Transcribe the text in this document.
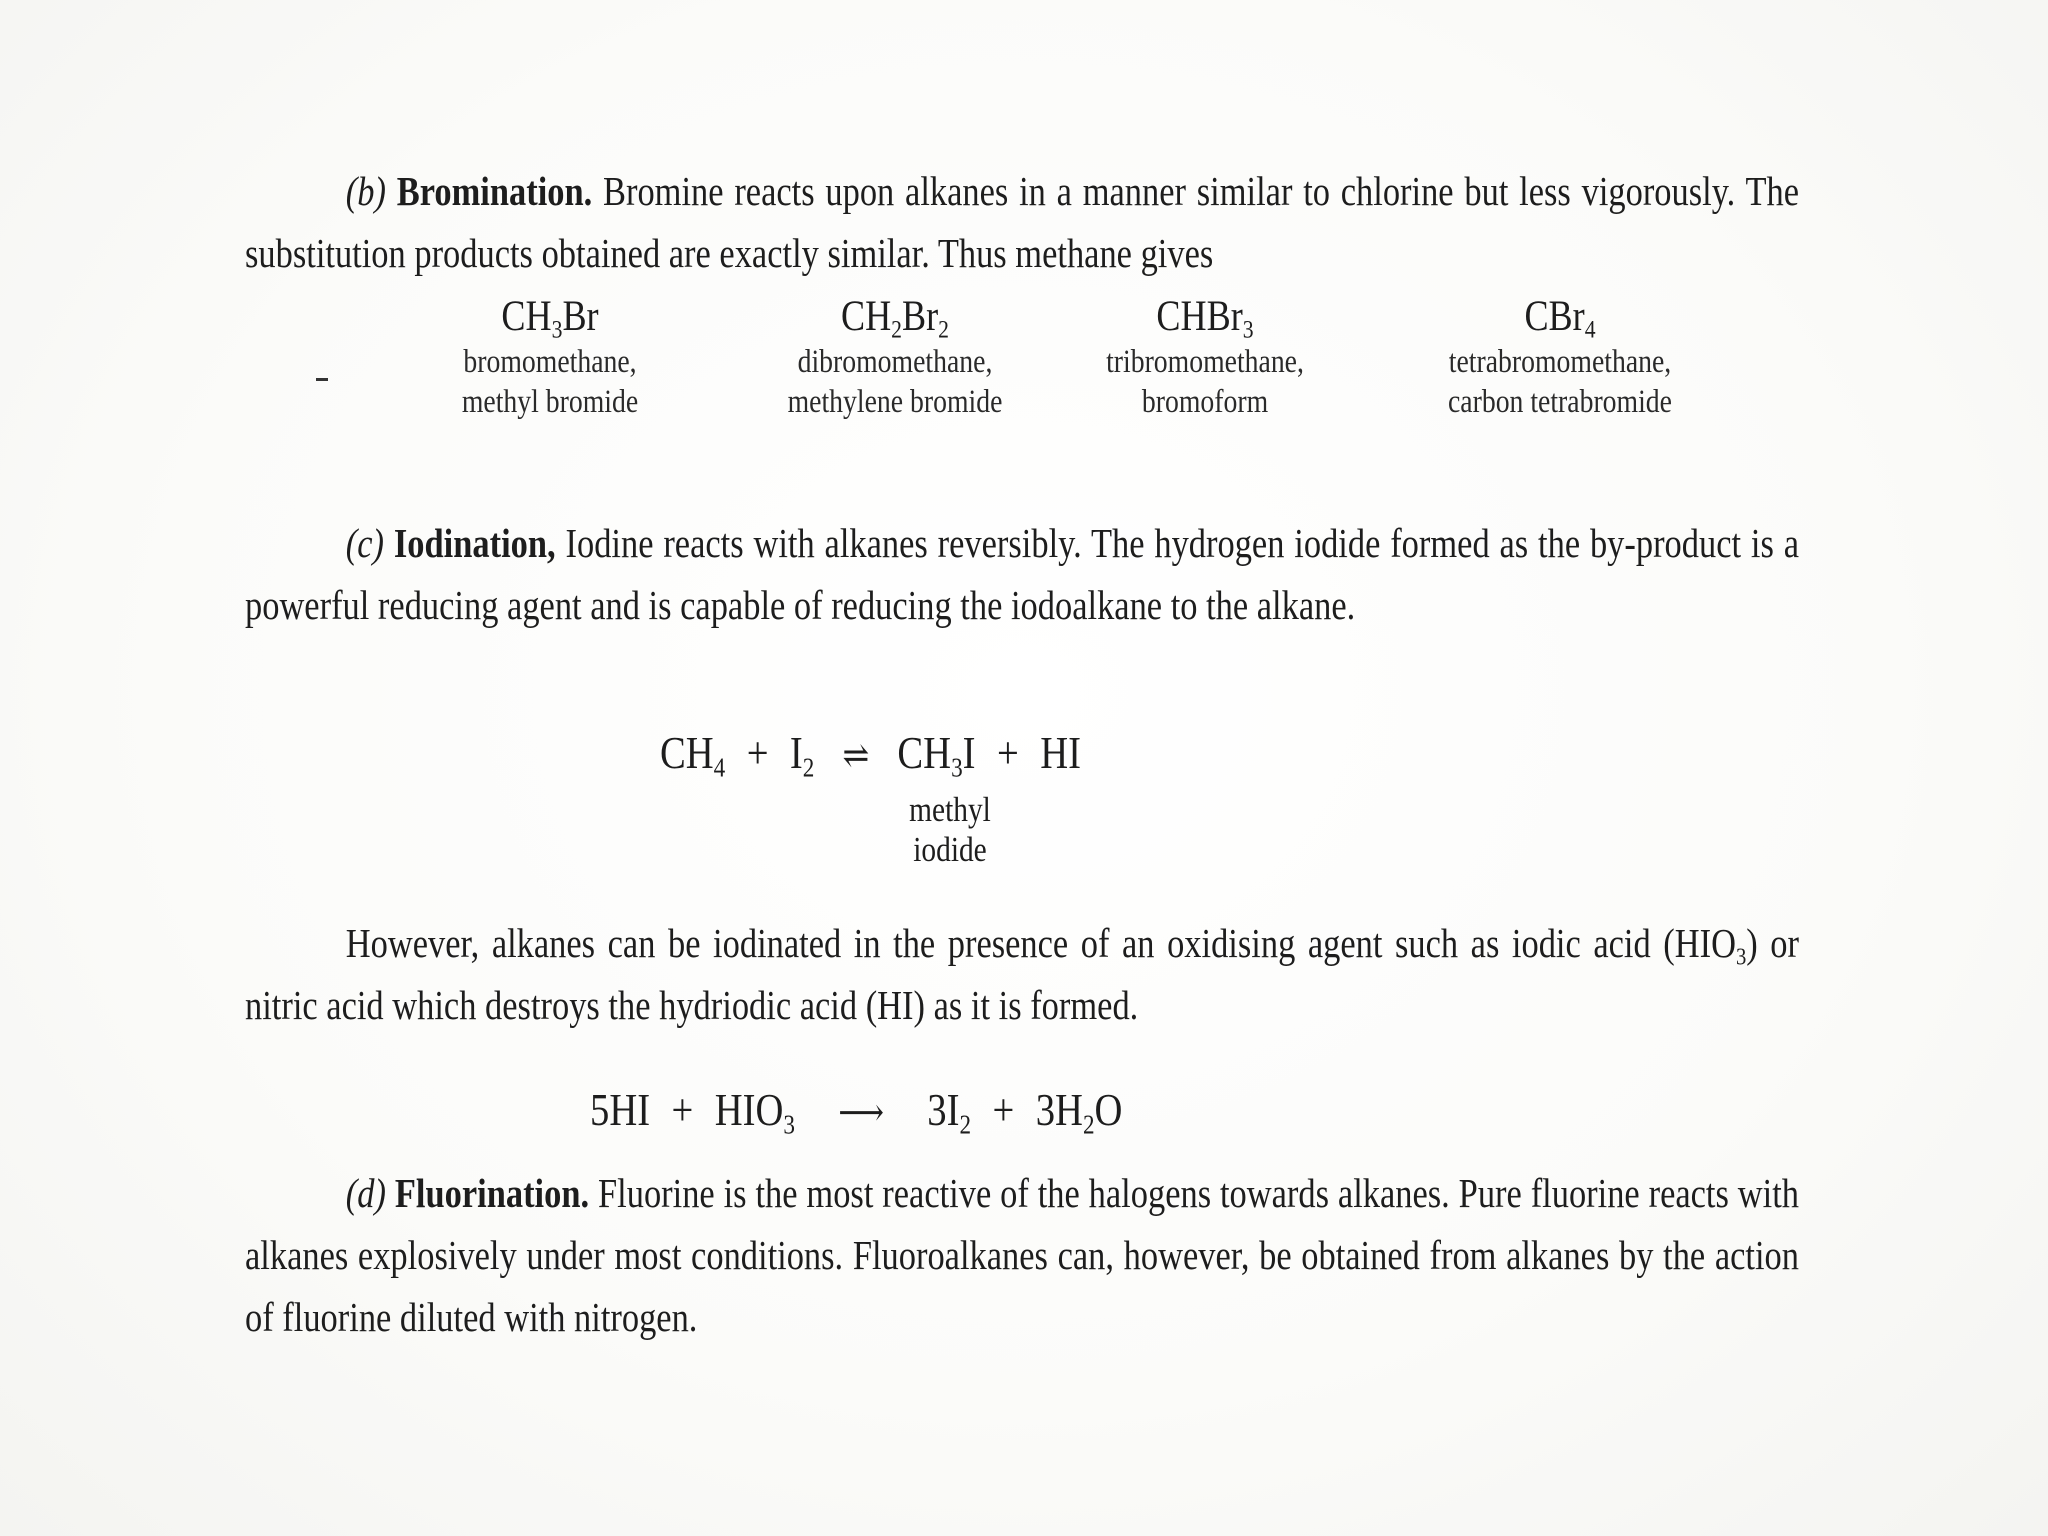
(b) Bromination. Bromine reacts upon alkanes in a manner similar to chlorine but less vigorously. The substitution products obtained are exactly similar. Thus methane gives
$CH_3Br$
bromomethane,
methyl bromide
$CH_2Br_2$
dibromomethane,
methylene bromide
CHBr$_3$
tribromomethane,
bromoform
CBr$_4$
tetrabromomethane,
carbon tetrabromide
(c) Iodination, Iodine reacts with alkanes reversibly. The hydrogen iodide formed as the by-product is a powerful reducing agent and is capable of reducing the iodoalkane to the alkane.
$CH_4 + I_2$ ⇌ $CH_3I$ + HI
methyl
iodide
However, alkanes can be iodinated in the presence of an oxidising agent such as iodic acid $(HIO_3)$ or nitric acid which destroys the hydriodic acid (HI) as it is formed.
$5HI + HIO_3$ ⟶ $3I_2 + 3H_2O$
(d) Fluorination. Fluorine is the most reactive of the halogens towards alkanes. Pure fluorine reacts with alkanes explosively under most conditions. Fluoroalkanes can, however, be obtained from alkanes by the action of fluorine diluted with nitrogen.
